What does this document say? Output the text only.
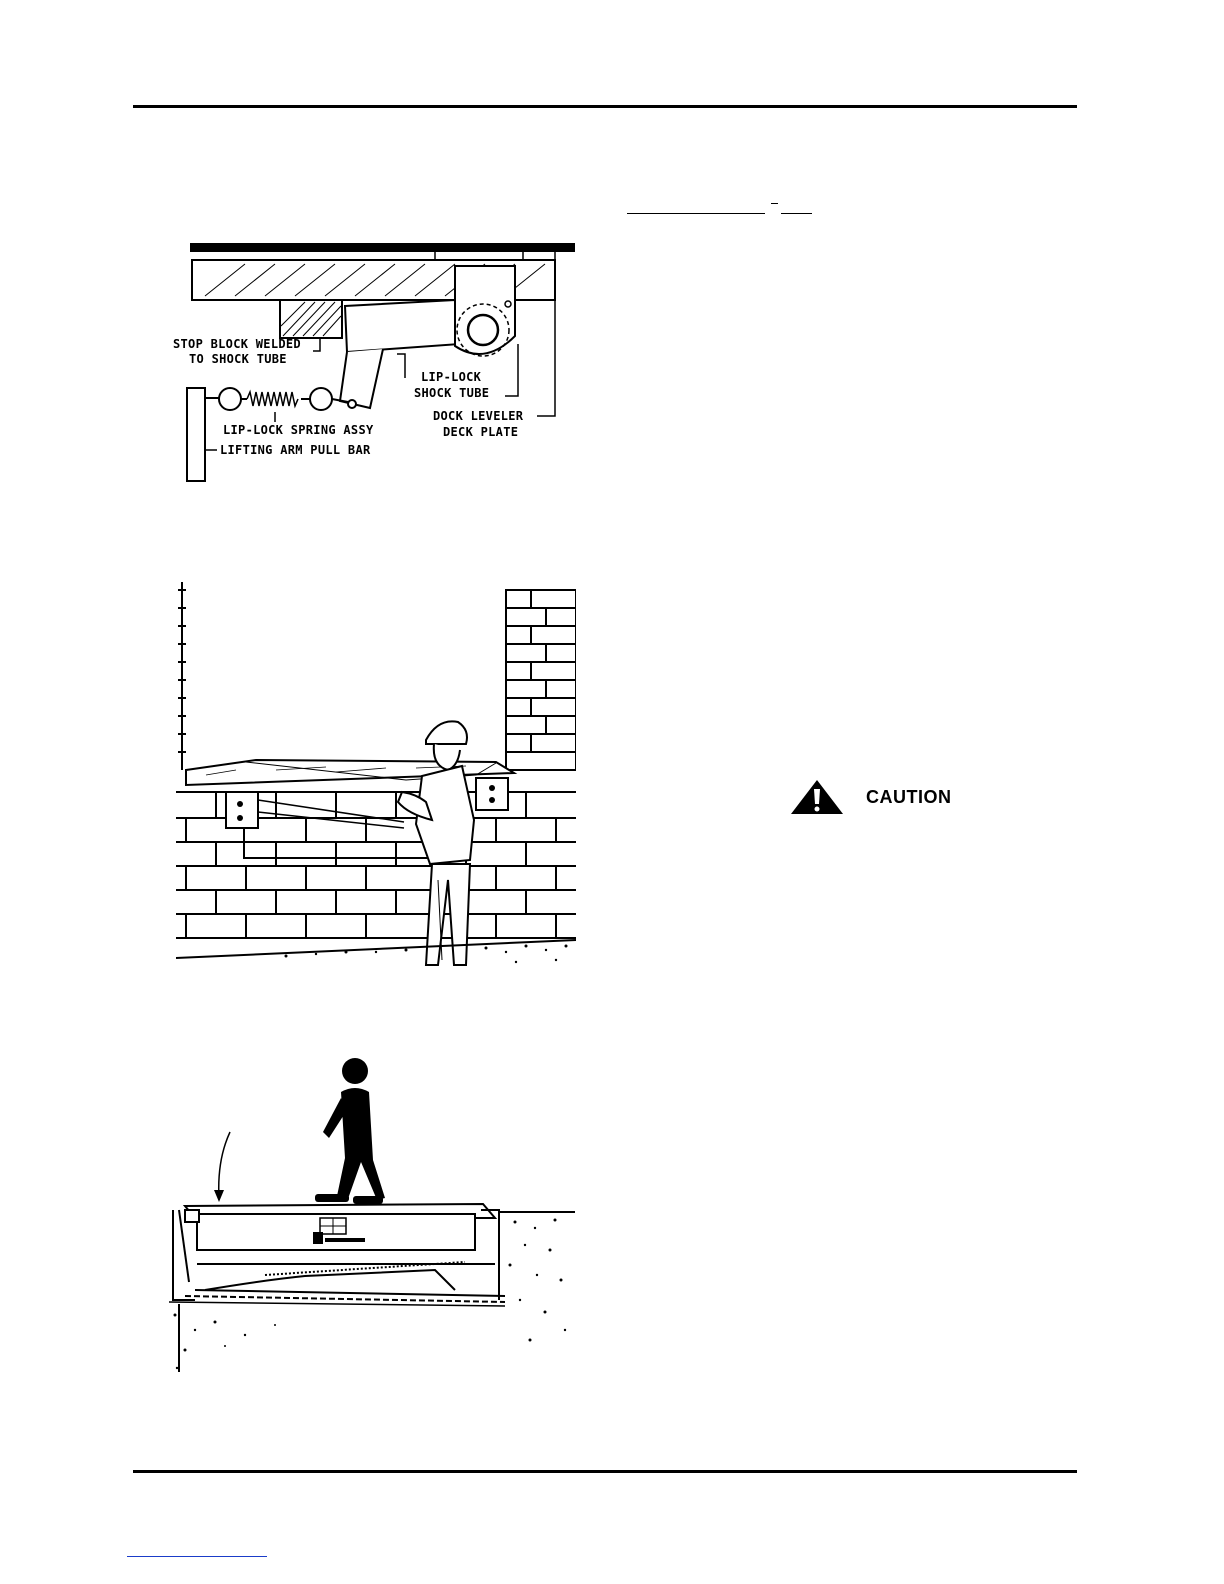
STOP BLOCK WELDED
TO SHOCK TUBE
LIP-LOCK
SHOCK TUBE
DOCK LEVELER
DECK PLATE
LIP-LOCK SPRING ASSY
LIFTING ARM PULL BAR
CAUTION
